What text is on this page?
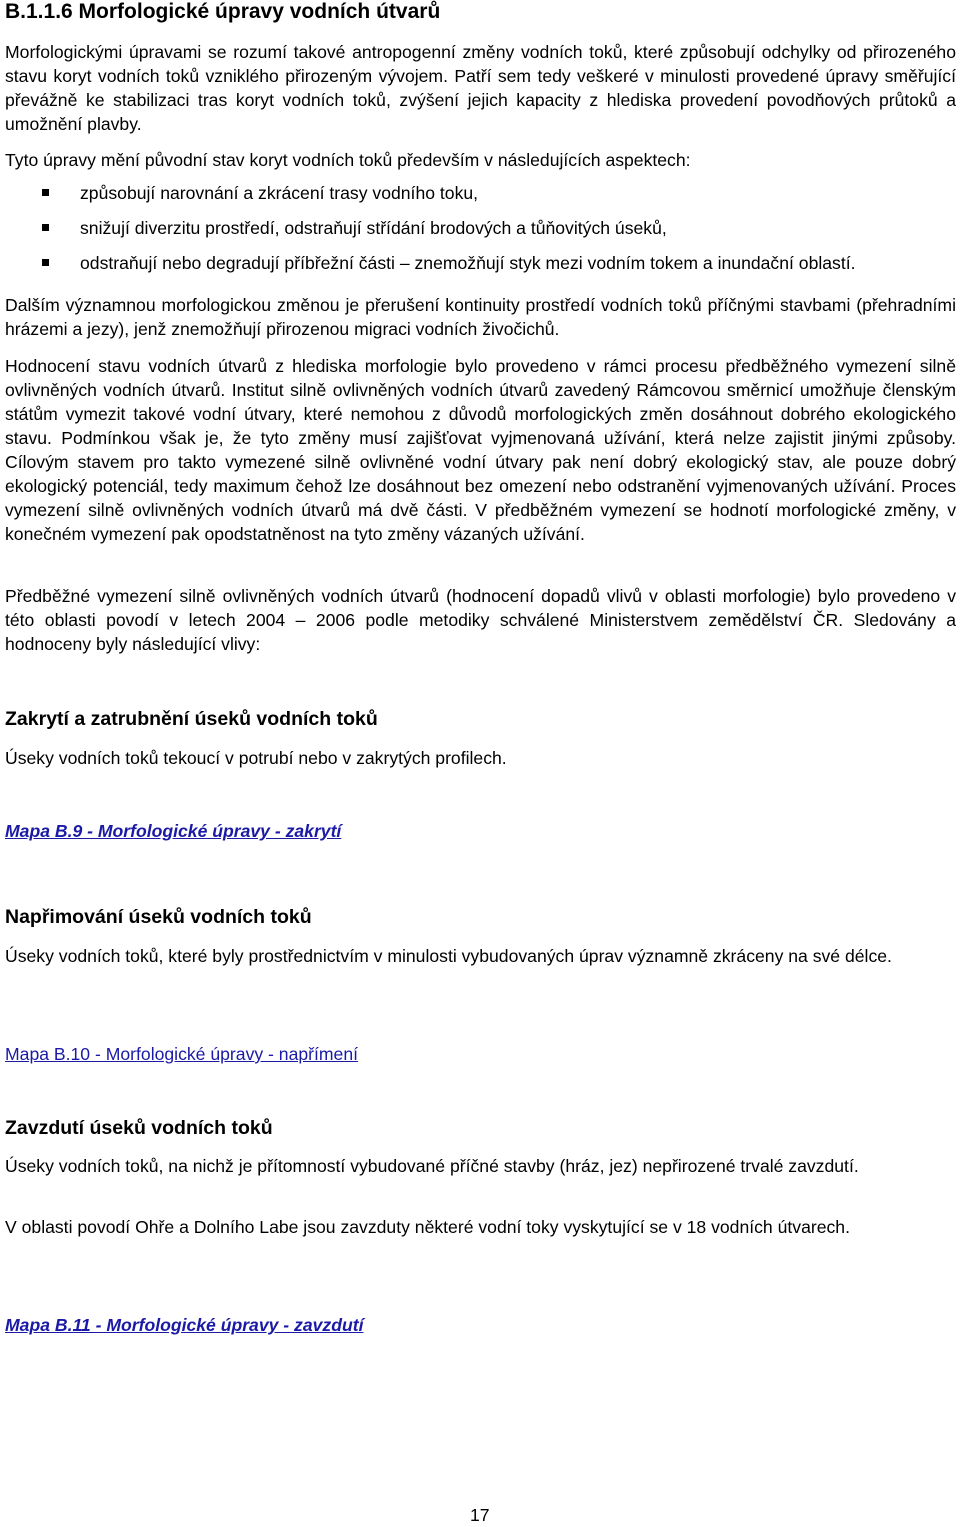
B.1.1.6 Morfologické úpravy vodních útvarů

Morfologickými úpravami se rozumí takové antropogenní změny vodních toků, které způsobují odchylky od přirozeného stavu koryt vodních toků vzniklého přirozeným vývojem. Patří sem tedy veškeré v minulosti provedené úpravy směřující převážně ke stabilizaci tras koryt vodních toků, zvýšení jejich kapacity z hlediska provedení povodňových průtoků a umožnění plavby.

Tyto úpravy mění původní stav koryt vodních toků především v následujících aspektech:

způsobují narovnání a zkrácení trasy vodního toku,
snižují diverzitu prostředí, odstraňují střídání brodových a tůňovitých úseků,
odstraňují nebo degradují příbřežní části – znemožňují styk mezi vodním tokem a inundační oblastí.

Dalším významnou morfologickou změnou je přerušení kontinuity prostředí vodních toků příčnými stavbami (přehradními hrázemi a jezy), jenž znemožňují přirozenou migraci vodních živočichů.

Hodnocení stavu vodních útvarů z hlediska morfologie bylo provedeno v rámci procesu předběžného vymezení silně ovlivněných vodních útvarů. Institut silně ovlivněných vodních útvarů zavedený Rámcovou směrnicí umožňuje členským státům vymezit takové vodní útvary, které nemohou z důvodů morfologických změn dosáhnout dobrého ekologického stavu. Podmínkou však je, že tyto změny musí zajišťovat vyjmenovaná užívání, která nelze zajistit jinými způsoby. Cílovým stavem pro takto vymezené silně ovlivněné vodní útvary pak není dobrý ekologický stav, ale pouze dobrý ekologický potenciál, tedy maximum čehož lze dosáhnout bez omezení nebo odstranění vyjmenovaných užívání. Proces vymezení silně ovlivněných vodních útvarů má dvě části. V předběžném vymezení se hodnotí morfologické změny, v konečném vymezení pak opodstatněnost na tyto změny vázaných užívání.

Předběžné vymezení silně ovlivněných vodních útvarů (hodnocení dopadů vlivů v oblasti morfologie) bylo provedeno v této oblasti povodí v letech 2004 – 2006 podle metodiky schválené Ministerstvem zemědělství ČR. Sledovány a hodnoceny byly následující vlivy:

Zakrytí a zatrubnění úseků vodních toků

Úseky vodních toků tekoucí v potrubí nebo v zakrytých profilech.

Mapa B.9 - Morfologické úpravy - zakrytí
Napřimování úseků vodních toků

Úseky vodních toků, které byly prostřednictvím v minulosti vybudovaných úprav významně zkráceny na své délce.

Mapa B.10 - Morfologické úpravy - napřímení
Zavzdutí úseků vodních toků

Úseky vodních toků, na nichž je přítomností vybudované příčné stavby (hráz, jez) nepřirozené trvalé zavzdutí.

V oblasti povodí Ohře a Dolního Labe jsou zavzduty některé vodní toky vyskytující se v 18 vodních útvarech.

Mapa B.11 - Morfologické úpravy - zavzdutí
17
